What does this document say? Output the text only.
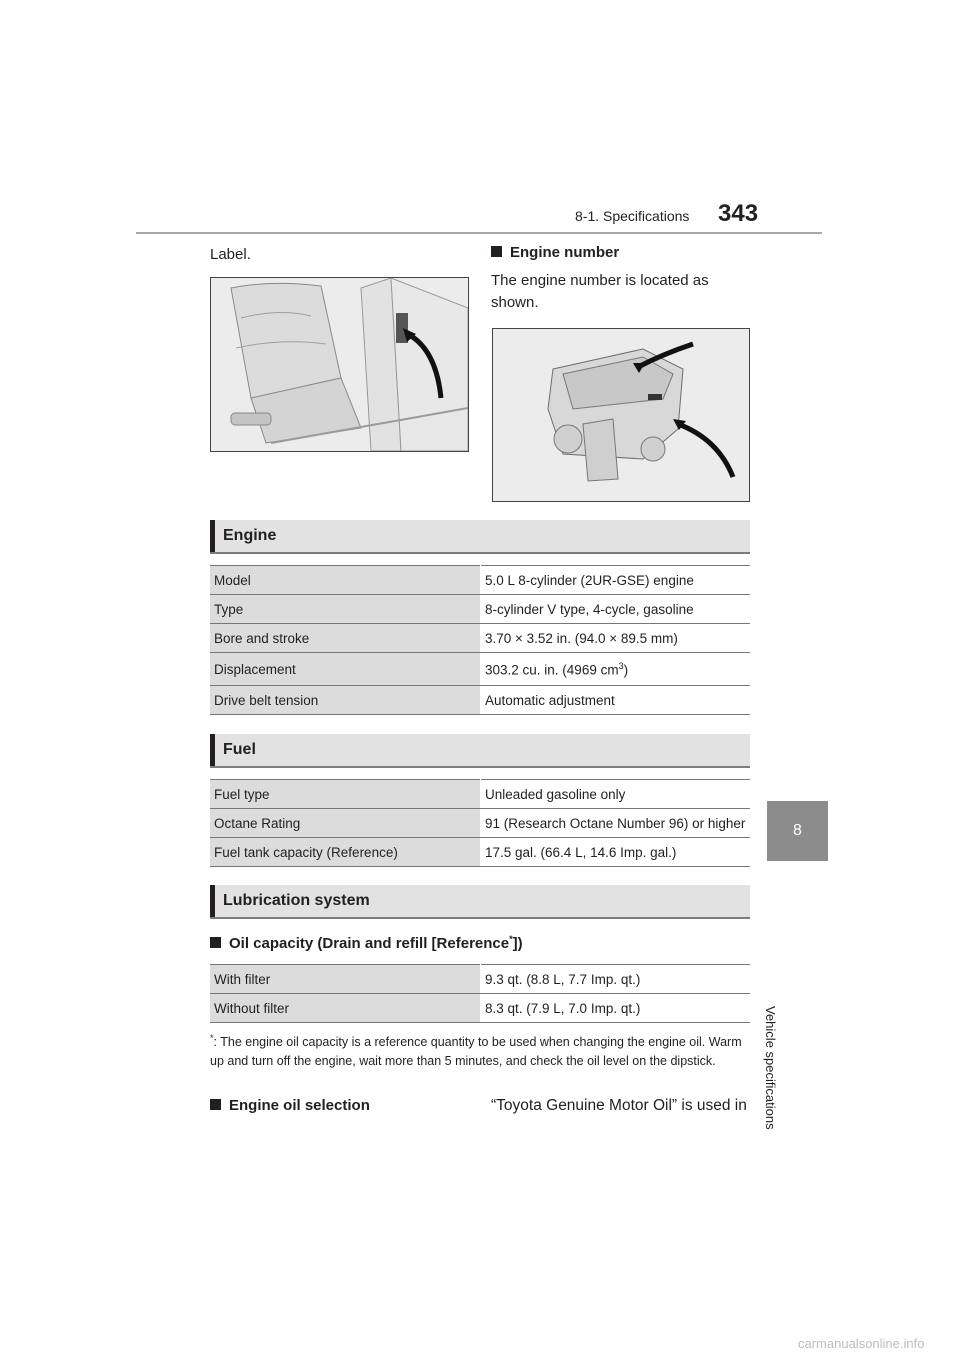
8-1. Specifications 343
8
Vehicle specifications
Label.	Engine number
The engine number is located as shown.
Engine
Model	5.0 L 8-cylinder (2UR-GSE) engine
Type	8-cylinder V type, 4-cycle, gasoline
Bore and stroke	3.70 × 3.52 in. (94.0 × 89.5 mm)
Displacement	303.2 cu. in. (4969 $cm^3$)
Drive belt tension	Automatic adjustment
Fuel
Fuel type	Unleaded gasoline only
Octane Rating	91 (Research Octane Number 96) or higher
Fuel tank capacity (Reference)	17.5 gal. (66.4 L, 14.6 Imp. gal.)
Lubrication system
Oil capacity (Drain and refill [Reference*])
With filter	9.3 qt. (8.8 L, 7.7 Imp. qt.)
Without filter	8.3 qt. (7.9 L, 7.0 Imp. qt.)
*: The engine oil capacity is a reference quantity to be used when changing the engine oil. Warm up and turn off the engine, wait more than 5 minutes, and check the oil level on the dipstick.
Engine oil selection	“Toyota Genuine Motor Oil” is used in
carmanualsonline.info
